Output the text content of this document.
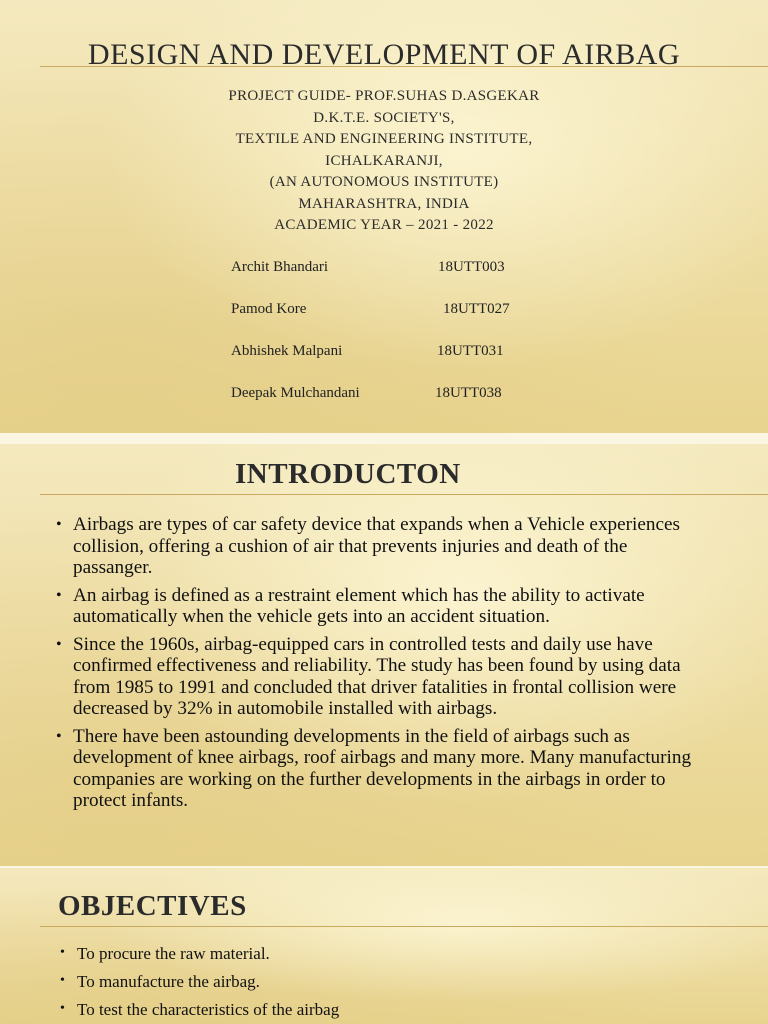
DESIGN AND DEVELOPMENT OF AIRBAG
PROJECT GUIDE- PROF.SUHAS D.ASGEKAR
D.K.T.E. SOCIETY'S,
TEXTILE AND ENGINEERING INSTITUTE,
ICHALKARANJI,
(AN AUTONOMOUS INSTITUTE)
MAHARASHTRA, INDIA
ACADEMIC YEAR – 2021 - 2022
Archit Bhandari	18UTT003
Pamod Kore	18UTT027
Abhishek Malpani	18UTT031
Deepak Mulchandani	18UTT038
INTRODUCTON
• Airbags are types of car safety device that expands when a Vehicle experiences collision, offering a cushion of air that prevents injuries and death of the passanger.
• An airbag is defined as a restraint element which has the ability to activate automatically when the vehicle gets into an accident situation.
• Since the 1960s, airbag-equipped cars in controlled tests and daily use have confirmed effectiveness and reliability. The study has been found by using data from 1985 to 1991 and concluded that driver fatalities in frontal collision were decreased by 32% in automobile installed with airbags.
• There have been astounding developments in the field of airbags such as development of knee airbags, roof airbags and many more. Many manufacturing companies are working on the further developments in the airbags in order to protect infants.
OBJECTIVES
• To procure the raw material.
• To manufacture the airbag.
• To test the characteristics of the airbag
